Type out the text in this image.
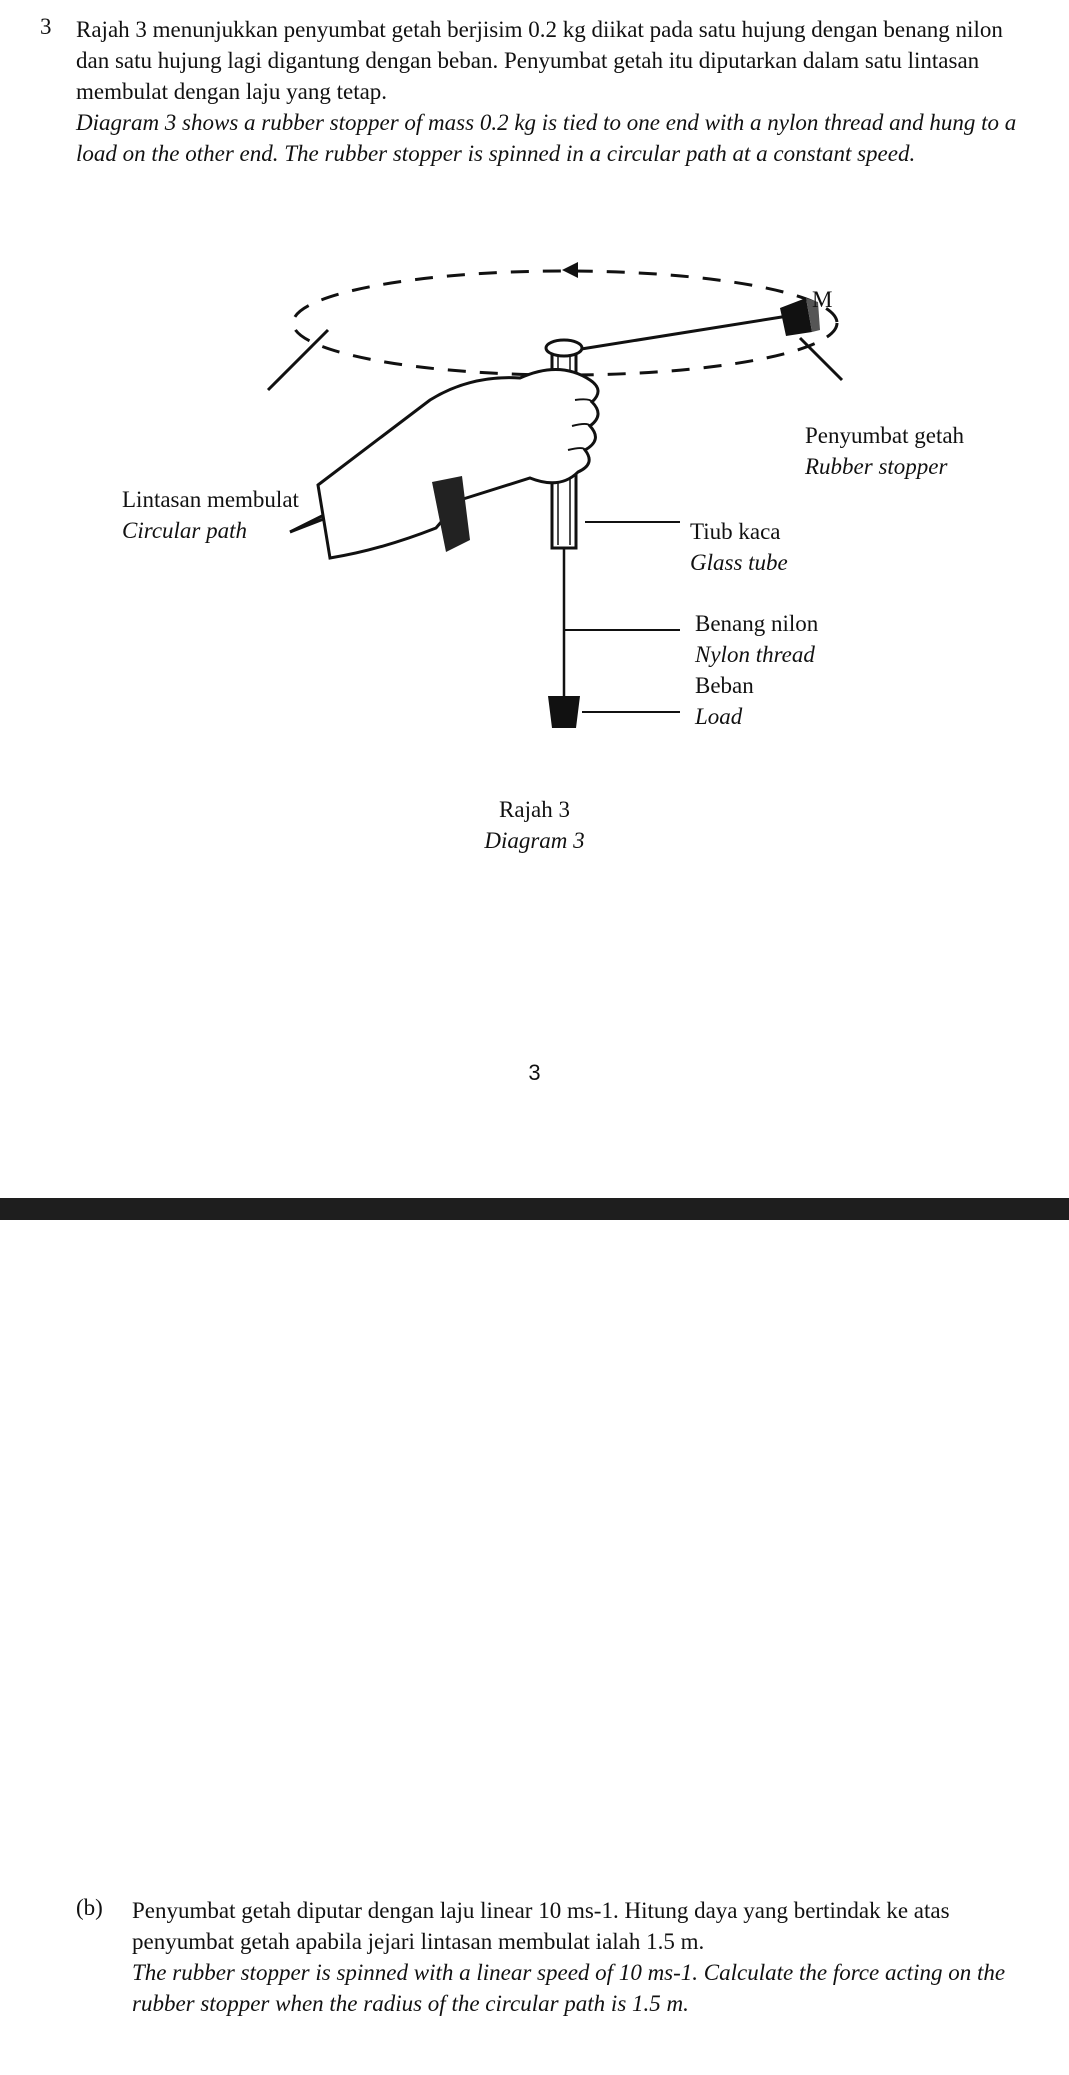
3 Rajah 3 menunjukkan penyumbat getah berjisim 0.2 kg diikat pada satu hujung dengan benang nilon dan satu hujung lagi digantung dengan beban. Penyumbat getah itu diputarkan dalam satu lintasan membulat dengan laju yang tetap.
Diagram 3 shows a rubber stopper of mass 0.2 kg is tied to one end with a nylon thread and hung to a load on the other end. The rubber stopper is spinned in a circular path at a constant speed.
M
Penyumbat getah
Rubber stopper
Lintasan membulat
Circular path	Tiub kaca
Glass tube
Benang nilon
Nylon thread
Beban
Load
Rajah 3
Diagram 3
3
(b) Penyumbat getah diputar dengan laju linear 10 ms-1. Hitung daya yang bertindak ke atas penyumbat getah apabila jejari lintasan membulat ialah 1.5 m.
The rubber stopper is spinned with a linear speed of 10 ms-1. Calculate the force acting on the rubber stopper when the radius of the circular path is 1.5 m.
